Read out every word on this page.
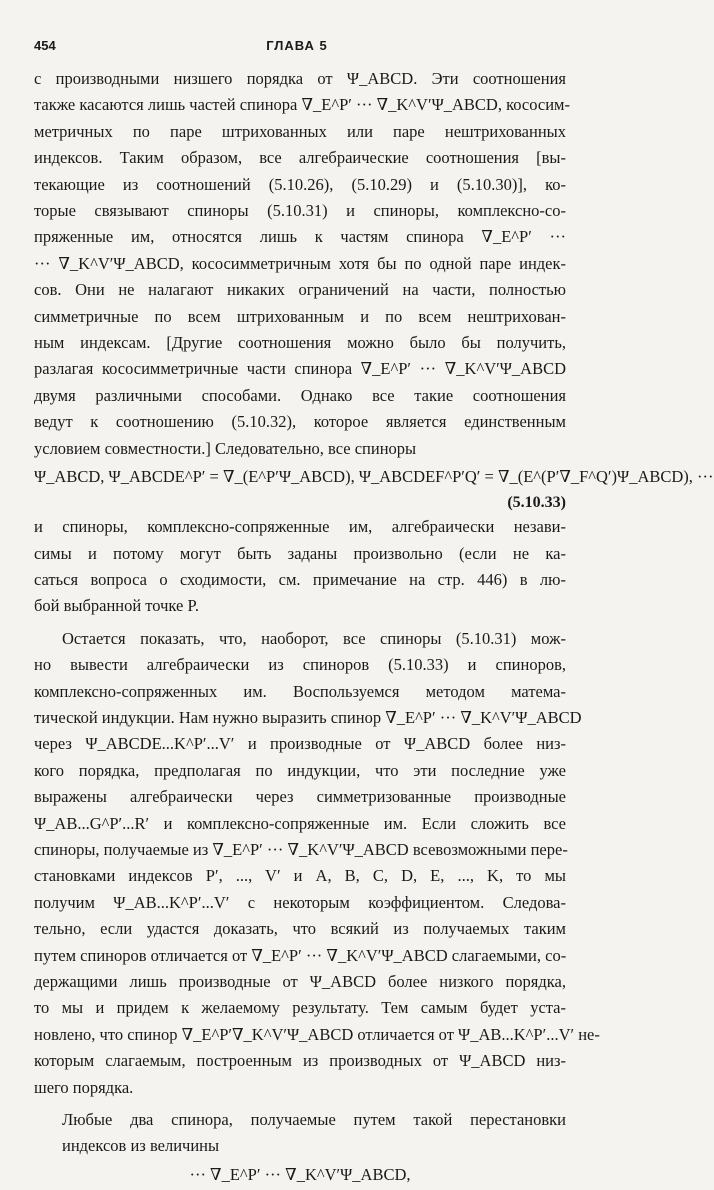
454	ГЛАВА 5
с производными низшего порядка от Ψ_ABCD. Эти соотношения
также касаются лишь частей спинора ∇_E^P′ ··· ∇_K^V′Ψ_ABCD, кососим-
метричных по паре штрихованных или паре нештрихованных
индексов. Таким образом, все алгебраические соотношения [вы-
текающие из соотношений (5.10.26), (5.10.29) и (5.10.30)], ко-
торые связывают спиноры (5.10.31) и спиноры, комплексно-со-
пряженные им, относятся лишь к частям спинора ∇_E^P′ ···
··· ∇_K^V′Ψ_ABCD, кососимметричным хотя бы по одной паре индек-
сов. Они не налагают никаких ограничений на части, полностью
симметричные по всем штрихованным и по всем нештрихован-
ным индексам. [Другие соотношения можно было бы получить,
разлагая кососимметричные части спинора ∇_E^P′ ··· ∇_K^V′Ψ_ABCD
двумя различными способами. Однако все такие соотношения
ведут к соотношению (5.10.32), которое является единственным
условием совместности.] Следовательно, все спиноры
Ψ_ABCD, Ψ_ABCDE^P′ = ∇_(E^P′Ψ_ABCD), Ψ_ABCDEF^P′Q′ = ∇_(E^(P′∇_F^Q′)Ψ_ABCD), ···
(5.10.33)
и спиноры, комплексно-сопряженные им, алгебраически незави-
симы и потому могут быть заданы произвольно (если не ка-
саться вопроса о сходимости, см. примечание на стр. 446) в лю-
бой выбранной точке P.
Остается показать, что, наоборот, все спиноры (5.10.31) мож-
но вывести алгебраически из спиноров (5.10.33) и спиноров,
комплексно-сопряженных им. Воспользуемся методом матема-
тической индукции. Нам нужно выразить спинор ∇_E^P′ ··· ∇_K^V′Ψ_ABCD
через Ψ_ABCDE...K^P′...V′ и производные от Ψ_ABCD более низ-
кого порядка, предполагая по индукции, что эти последние уже
выражены алгебраически через симметризованные производные
Ψ_AB...G^P′...R′ и комплексно-сопряженные им. Если сложить все
спиноры, получаемые из ∇_E^P′ ··· ∇_K^V′Ψ_ABCD всевозможными пере-
становками индексов P′, ..., V′ и A, B, C, D, E, ..., K, то мы
получим Ψ_AB...K^P′...V′ с некоторым коэффициентом. Следова-
тельно, если удастся доказать, что всякий из получаемых таким
путем спиноров отличается от ∇_E^P′ ··· ∇_K^V′Ψ_ABCD слагаемыми, со-
держащими лишь производные от Ψ_ABCD более низкого порядка,
то мы и придем к желаемому результату. Тем самым будет уста-
новлено, что спинор ∇_E^P′∇_K^V′Ψ_ABCD отличается от Ψ_AB...K^P′...V′ не-
которым слагаемым, построенным из производных от Ψ_ABCD низ-
шего порядка.
Любые два спинора, получаемые путем такой перестановки
индексов из величины
··· ∇_E^P′ ··· ∇_K^V′Ψ_ABCD,
